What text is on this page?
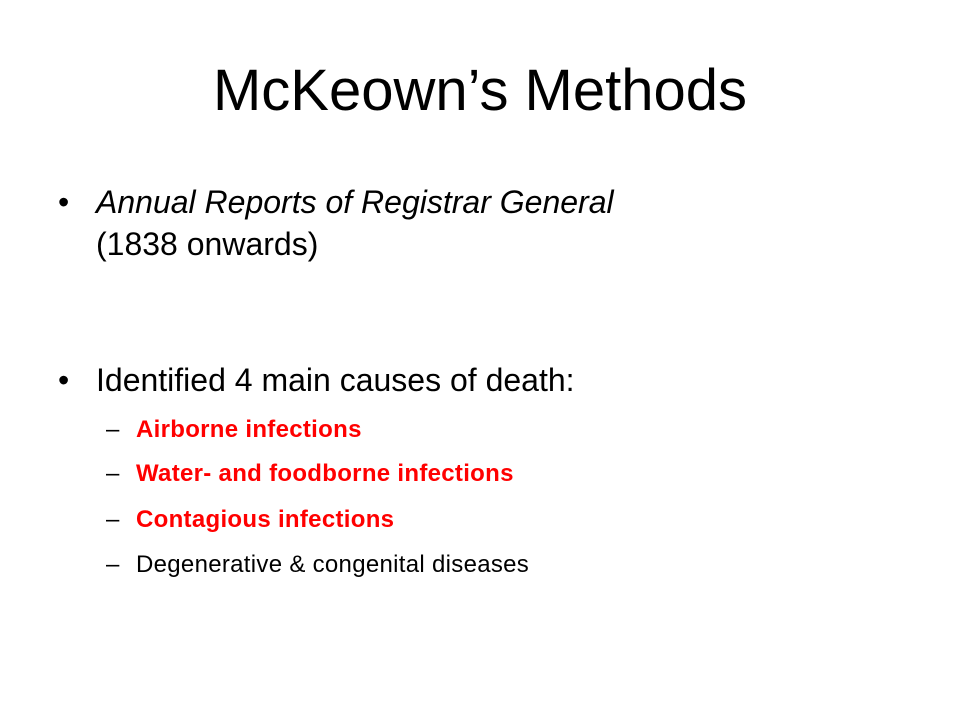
McKeown’s Methods
• Annual Reports of Registrar General
(1838 onwards)
• Identified 4 main causes of death:
– Airborne infections
– Water- and foodborne infections
– Contagious infections
– Degenerative & congenital diseases
